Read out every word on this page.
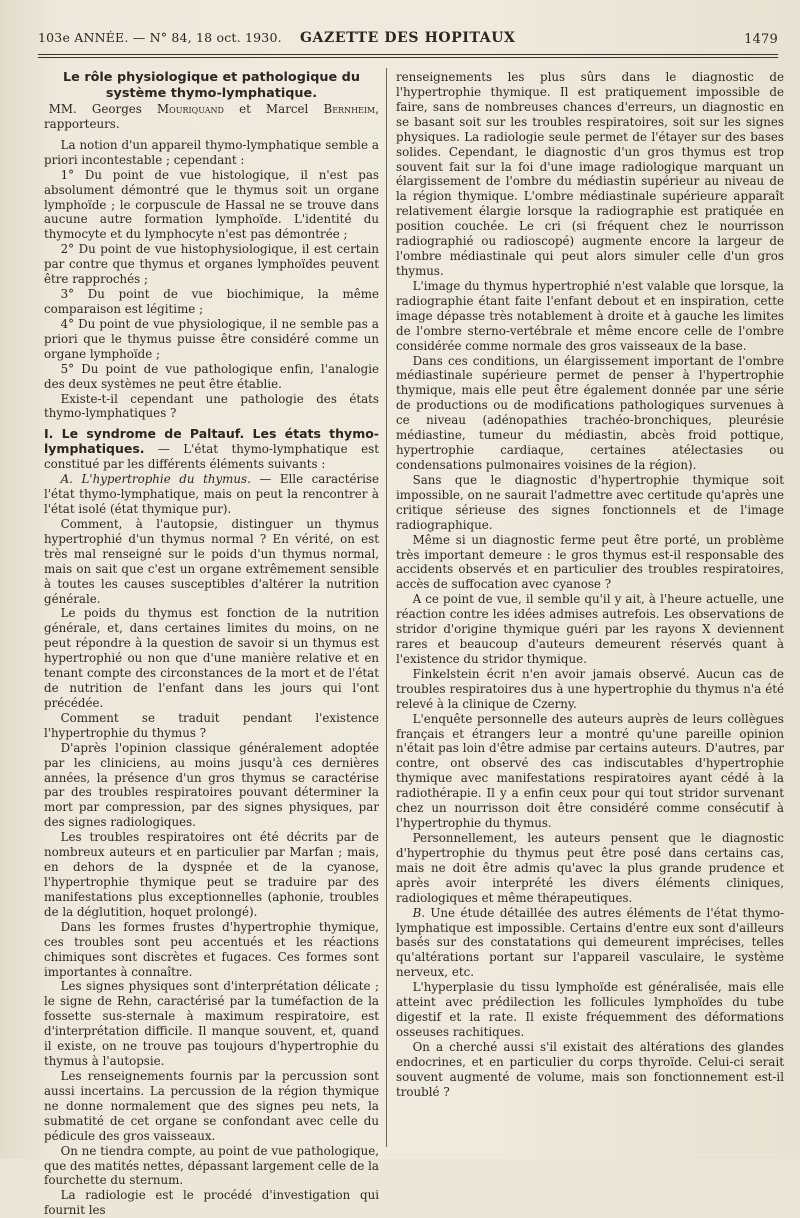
103e ANNÉE. — N° 84, 18 oct. 1930. GAZETTE DES HOPITAUX	1479

Le rôle physiologique et pathologique du système thymo-lymphatique.

MM. Georges Mouriquand et Marcel Bernheim, rapporteurs.

La notion d'un appareil thymo-lymphatique semble a priori incontestable ; cependant :

1° Du point de vue histologique, il n'est pas absolument démontré que le thymus soit un organe lymphoïde ; le corpuscule de Hassal ne se trouve dans aucune autre formation lymphoïde. L'identité du thymocyte et du lymphocyte n'est pas démontrée ;

2° Du point de vue histophysiologique, il est certain par contre que thymus et organes lymphoïdes peuvent être rapprochés ;

3° Du point de vue biochimique, la même comparaison est légitime ;

4° Du point de vue physiologique, il ne semble pas a priori que le thymus puisse être considéré comme un organe lymphoïde ;

5° Du point de vue pathologique enfin, l'analogie des deux systèmes ne peut être établie.

Existe-t-il cependant une pathologie des états thymo-lymphatiques ?

I. Le syndrome de Paltauf. Les états thymo-lymphatiques. — L'état thymo-lymphatique est constitué par les différents éléments suivants :

A. L'hypertrophie du thymus. — Elle caractérise l'état thymo-lymphatique, mais on peut la rencontrer à l'état isolé (état thymique pur).

Comment, à l'autopsie, distinguer un thymus hypertrophié d'un thymus normal ? En vérité, on est très mal renseigné sur le poids d'un thymus normal, mais on sait que c'est un organe extrêmement sensible à toutes les causes susceptibles d'altérer la nutrition générale.

Le poids du thymus est fonction de la nutrition générale, et, dans certaines limites du moins, on ne peut répondre à la question de savoir si un thymus est hypertrophié ou non que d'une manière relative et en tenant compte des circonstances de la mort et de l'état de nutrition de l'enfant dans les jours qui l'ont précédée.

Comment se traduit pendant l'existence l'hypertrophie du thymus ?

D'après l'opinion classique généralement adoptée par les cliniciens, au moins jusqu'à ces dernières années, la présence d'un gros thymus se caractérise par des troubles respiratoires pouvant déterminer la mort par compression, par des signes physiques, par des signes radiologiques.

Les troubles respiratoires ont été décrits par de nombreux auteurs et en particulier par Marfan ; mais, en dehors de la dyspnée et de la cyanose, l'hypertrophie thymique peut se traduire par des manifestations plus exceptionnelles (aphonie, troubles de la déglutition, hoquet prolongé).

Dans les formes frustes d'hypertrophie thymique, ces troubles sont peu accentués et les réactions chimiques sont discrètes et fugaces. Ces formes sont importantes à connaître.

Les signes physiques sont d'interprétation délicate ; le signe de Rehn, caractérisé par la tuméfaction de la fossette sus-sternale à maximum respiratoire, est d'interprétation difficile. Il manque souvent, et, quand il existe, on ne trouve pas toujours d'hypertrophie du thymus à l'autopsie.

Les renseignements fournis par la percussion sont aussi incertains. La percussion de la région thymique ne donne normalement que des signes peu nets, la submatité de cet organe se confondant avec celle du pédicule des gros vaisseaux.

On ne tiendra compte, au point de vue pathologique, que des matités nettes, dépassant largement celle de la fourchette du sternum.

La radiologie est le procédé d'investigation qui fournit les

renseignements les plus sûrs dans le diagnostic de l'hypertrophie thymique. Il est pratiquement impossible de faire, sans de nombreuses chances d'erreurs, un diagnostic en se basant soit sur les troubles respiratoires, soit sur les signes physiques. La radiologie seule permet de l'étayer sur des bases solides. Cependant, le diagnostic d'un gros thymus est trop souvent fait sur la foi d'une image radiologique marquant un élargissement de l'ombre du médiastin supérieur au niveau de la région thymique. L'ombre médiastinale supérieure apparaît relativement élargie lorsque la radiographie est pratiquée en position couchée. Le cri (si fréquent chez le nourrisson radiographié ou radioscopé) augmente encore la largeur de l'ombre médiastinale qui peut alors simuler celle d'un gros thymus.

L'image du thymus hypertrophié n'est valable que lorsque, la radiographie étant faite l'enfant debout et en inspiration, cette image dépasse très notablement à droite et à gauche les limites de l'ombre sterno-vertébrale et même encore celle de l'ombre considérée comme normale des gros vaisseaux de la base.

Dans ces conditions, un élargissement important de l'ombre médiastinale supérieure permet de penser à l'hypertrophie thymique, mais elle peut être également donnée par une série de productions ou de modifications pathologiques survenues à ce niveau (adénopathies trachéo-bronchiques, pleurésie médiastine, tumeur du médiastin, abcès froid pottique, hypertrophie cardiaque, certaines atélectasies ou condensations pulmonaires voisines de la région).

Sans que le diagnostic d'hypertrophie thymique soit impossible, on ne saurait l'admettre avec certitude qu'après une critique sérieuse des signes fonctionnels et de l'image radiographique.

Même si un diagnostic ferme peut être porté, un problème très important demeure : le gros thymus est-il responsable des accidents observés et en particulier des troubles respiratoires, accès de suffocation avec cyanose ?

A ce point de vue, il semble qu'il y ait, à l'heure actuelle, une réaction contre les idées admises autrefois. Les observations de stridor d'origine thymique guéri par les rayons X deviennent rares et beaucoup d'auteurs demeurent réservés quant à l'existence du stridor thymique.

Finkelstein écrit n'en avoir jamais observé. Aucun cas de troubles respiratoires dus à une hypertrophie du thymus n'a été relevé à la clinique de Czerny.

L'enquête personnelle des auteurs auprès de leurs collègues français et étrangers leur a montré qu'une pareille opinion n'était pas loin d'être admise par certains auteurs. D'autres, par contre, ont observé des cas indiscutables d'hypertrophie thymique avec manifestations respiratoires ayant cédé à la radiothérapie. Il y a enfin ceux pour qui tout stridor survenant chez un nourrisson doit être considéré comme consécutif à l'hypertrophie du thymus.

Personnellement, les auteurs pensent que le diagnostic d'hypertrophie du thymus peut être posé dans certains cas, mais ne doit être admis qu'avec la plus grande prudence et après avoir interprété les divers éléments cliniques, radiologiques et même thérapeutiques.

B. Une étude détaillée des autres éléments de l'état thymo-lymphatique est impossible. Certains d'entre eux sont d'ailleurs basés sur des constatations qui demeurent imprécises, telles qu'altérations portant sur l'appareil vasculaire, le système nerveux, etc.

L'hyperplasie du tissu lymphoïde est généralisée, mais elle atteint avec prédilection les follicules lymphoïdes du tube digestif et la rate. Il existe fréquemment des déformations osseuses rachitiques.

On a cherché aussi s'il existait des altérations des glandes endocrines, et en particulier du corps thyroïde. Celui-ci serait souvent augmenté de volume, mais son fonctionnement est-il troublé ?
